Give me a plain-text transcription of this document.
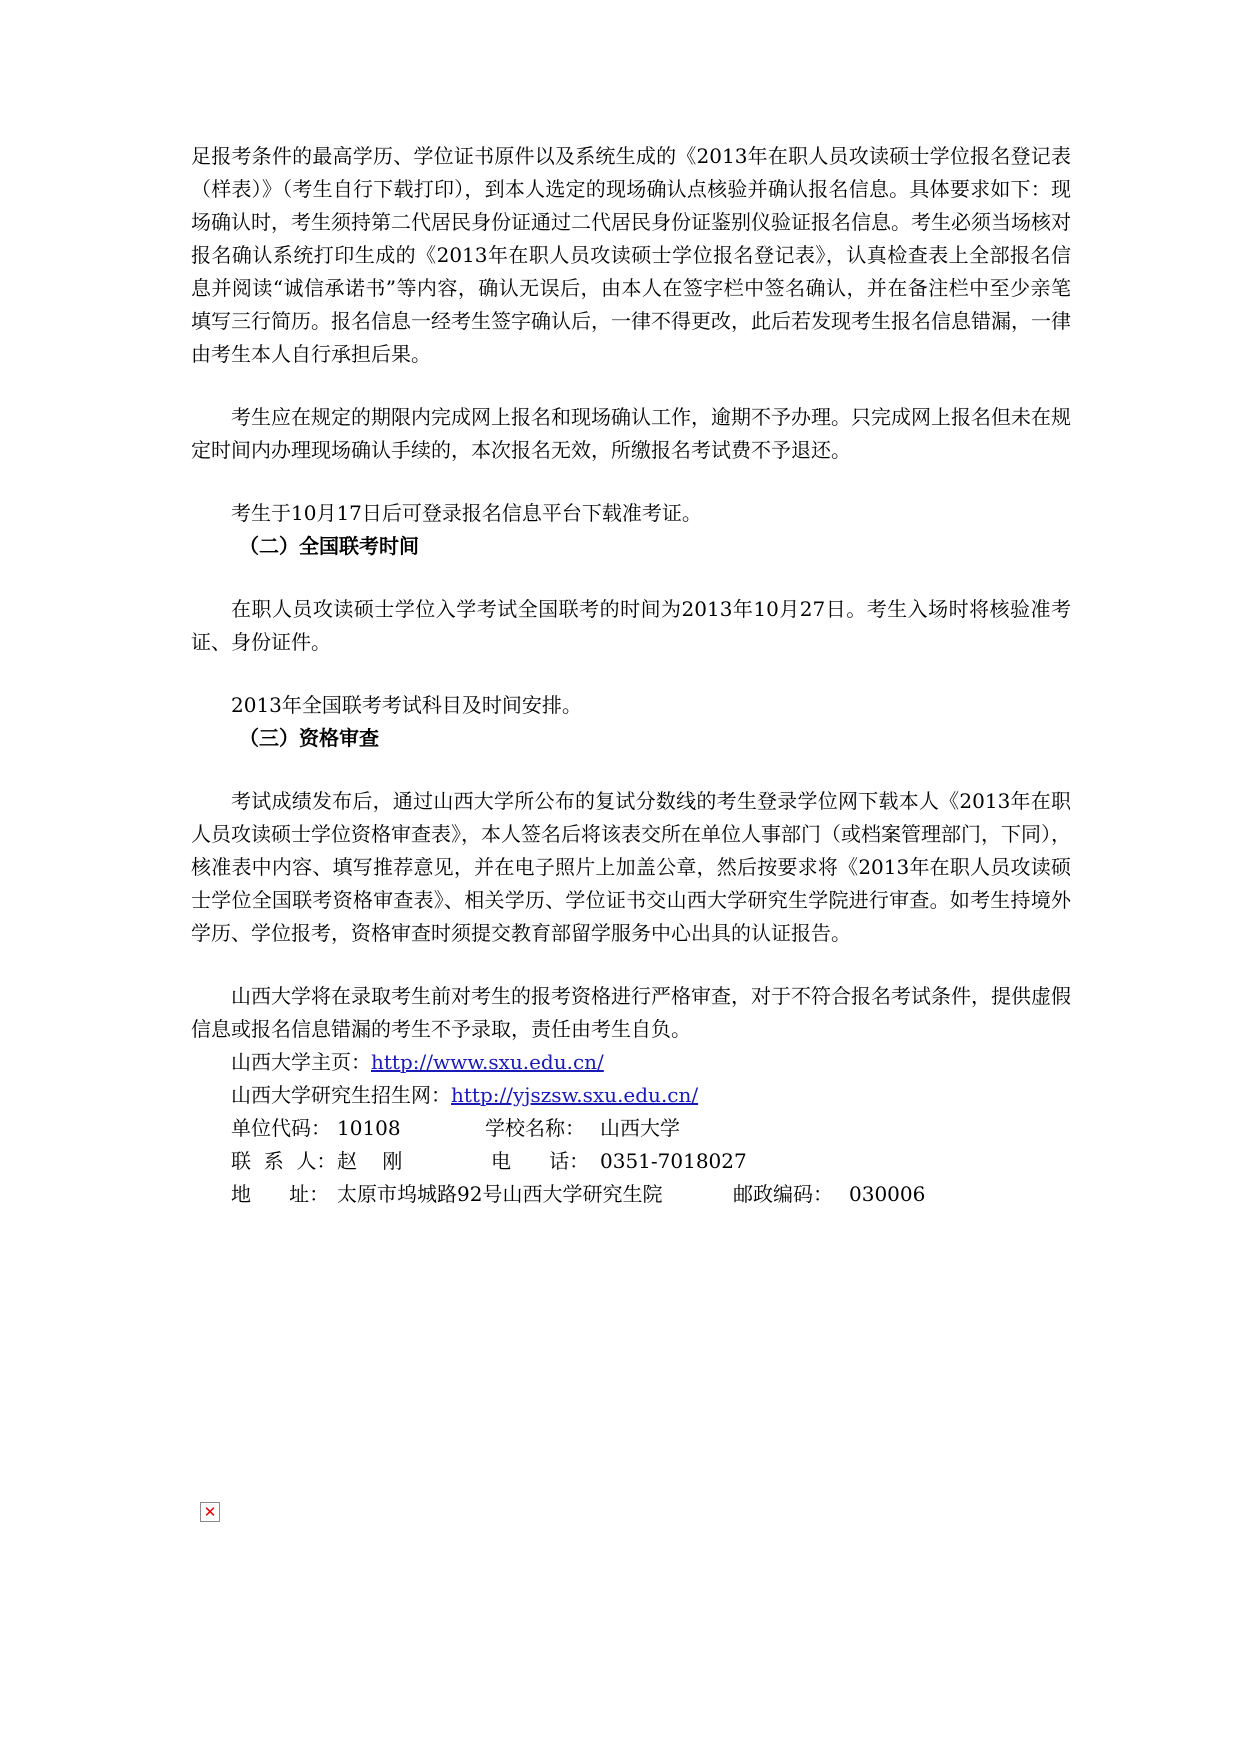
足报考条件的最高学历、学位证书原件以及系统生成的《2013年在职人员攻读硕士学位报名登记表（样表）》（考生自行下载打印），到本人选定的现场确认点核验并确认报名信息。具体要求如下：现场确认时，考生须持第二代居民身份证通过二代居民身份证鉴别仪验证报名信息。考生必须当场核对报名确认系统打印生成的《2013年在职人员攻读硕士学位报名登记表》，认真检查表上全部报名信息并阅读“诚信承诺书”等内容，确认无误后，由本人在签字栏中签名确认，并在备注栏中至少亲笔填写三行简历。报名信息一经考生签字确认后，一律不得更改，此后若发现考生报名信息错漏，一律由考生本人自行承担后果。

考生应在规定的期限内完成网上报名和现场确认工作，逾期不予办理。只完成网上报名但未在规定时间内办理现场确认手续的，本次报名无效，所缴报名考试费不予退还。

考生于10月17日后可登录报名信息平台下载准考证。

（二）全国联考时间

在职人员攻读硕士学位入学考试全国联考的时间为2013年10月27日。考生入场时将核验准考证、身份证件。

2013年全国联考考试科目及时间安排。

（三）资格审查

考试成绩发布后，通过山西大学所公布的复试分数线的考生登录学位网下载本人《2013年在职人员攻读硕士学位资格审查表》，本人签名后将该表交所在单位人事部门（或档案管理部门，下同），核准表中内容、填写推荐意见，并在电子照片上加盖公章，然后按要求将《2013年在职人员攻读硕士学位全国联考资格审查表》、相关学历、学位证书交山西大学研究生学院进行审查。如考生持境外学历、学位报考，资格审查时须提交教育部留学服务中心出具的认证报告。

山西大学将在录取考生前对考生的报考资格进行严格审查，对于不符合报名考试条件，提供虚假信息或报名信息错漏的考生不予录取，责任由考生自负。

山西大学主页：http://www.sxu.edu.cn/

山西大学研究生招生网：http://yjszsw.sxu.edu.cn/

单位代码： 10108	学校名称： 山西大学

联  系  人：赵    刚	电      话： 0351-7018027

地      址： 太原市坞城路92号山西大学研究生院	邮政编码： 030006

✕
